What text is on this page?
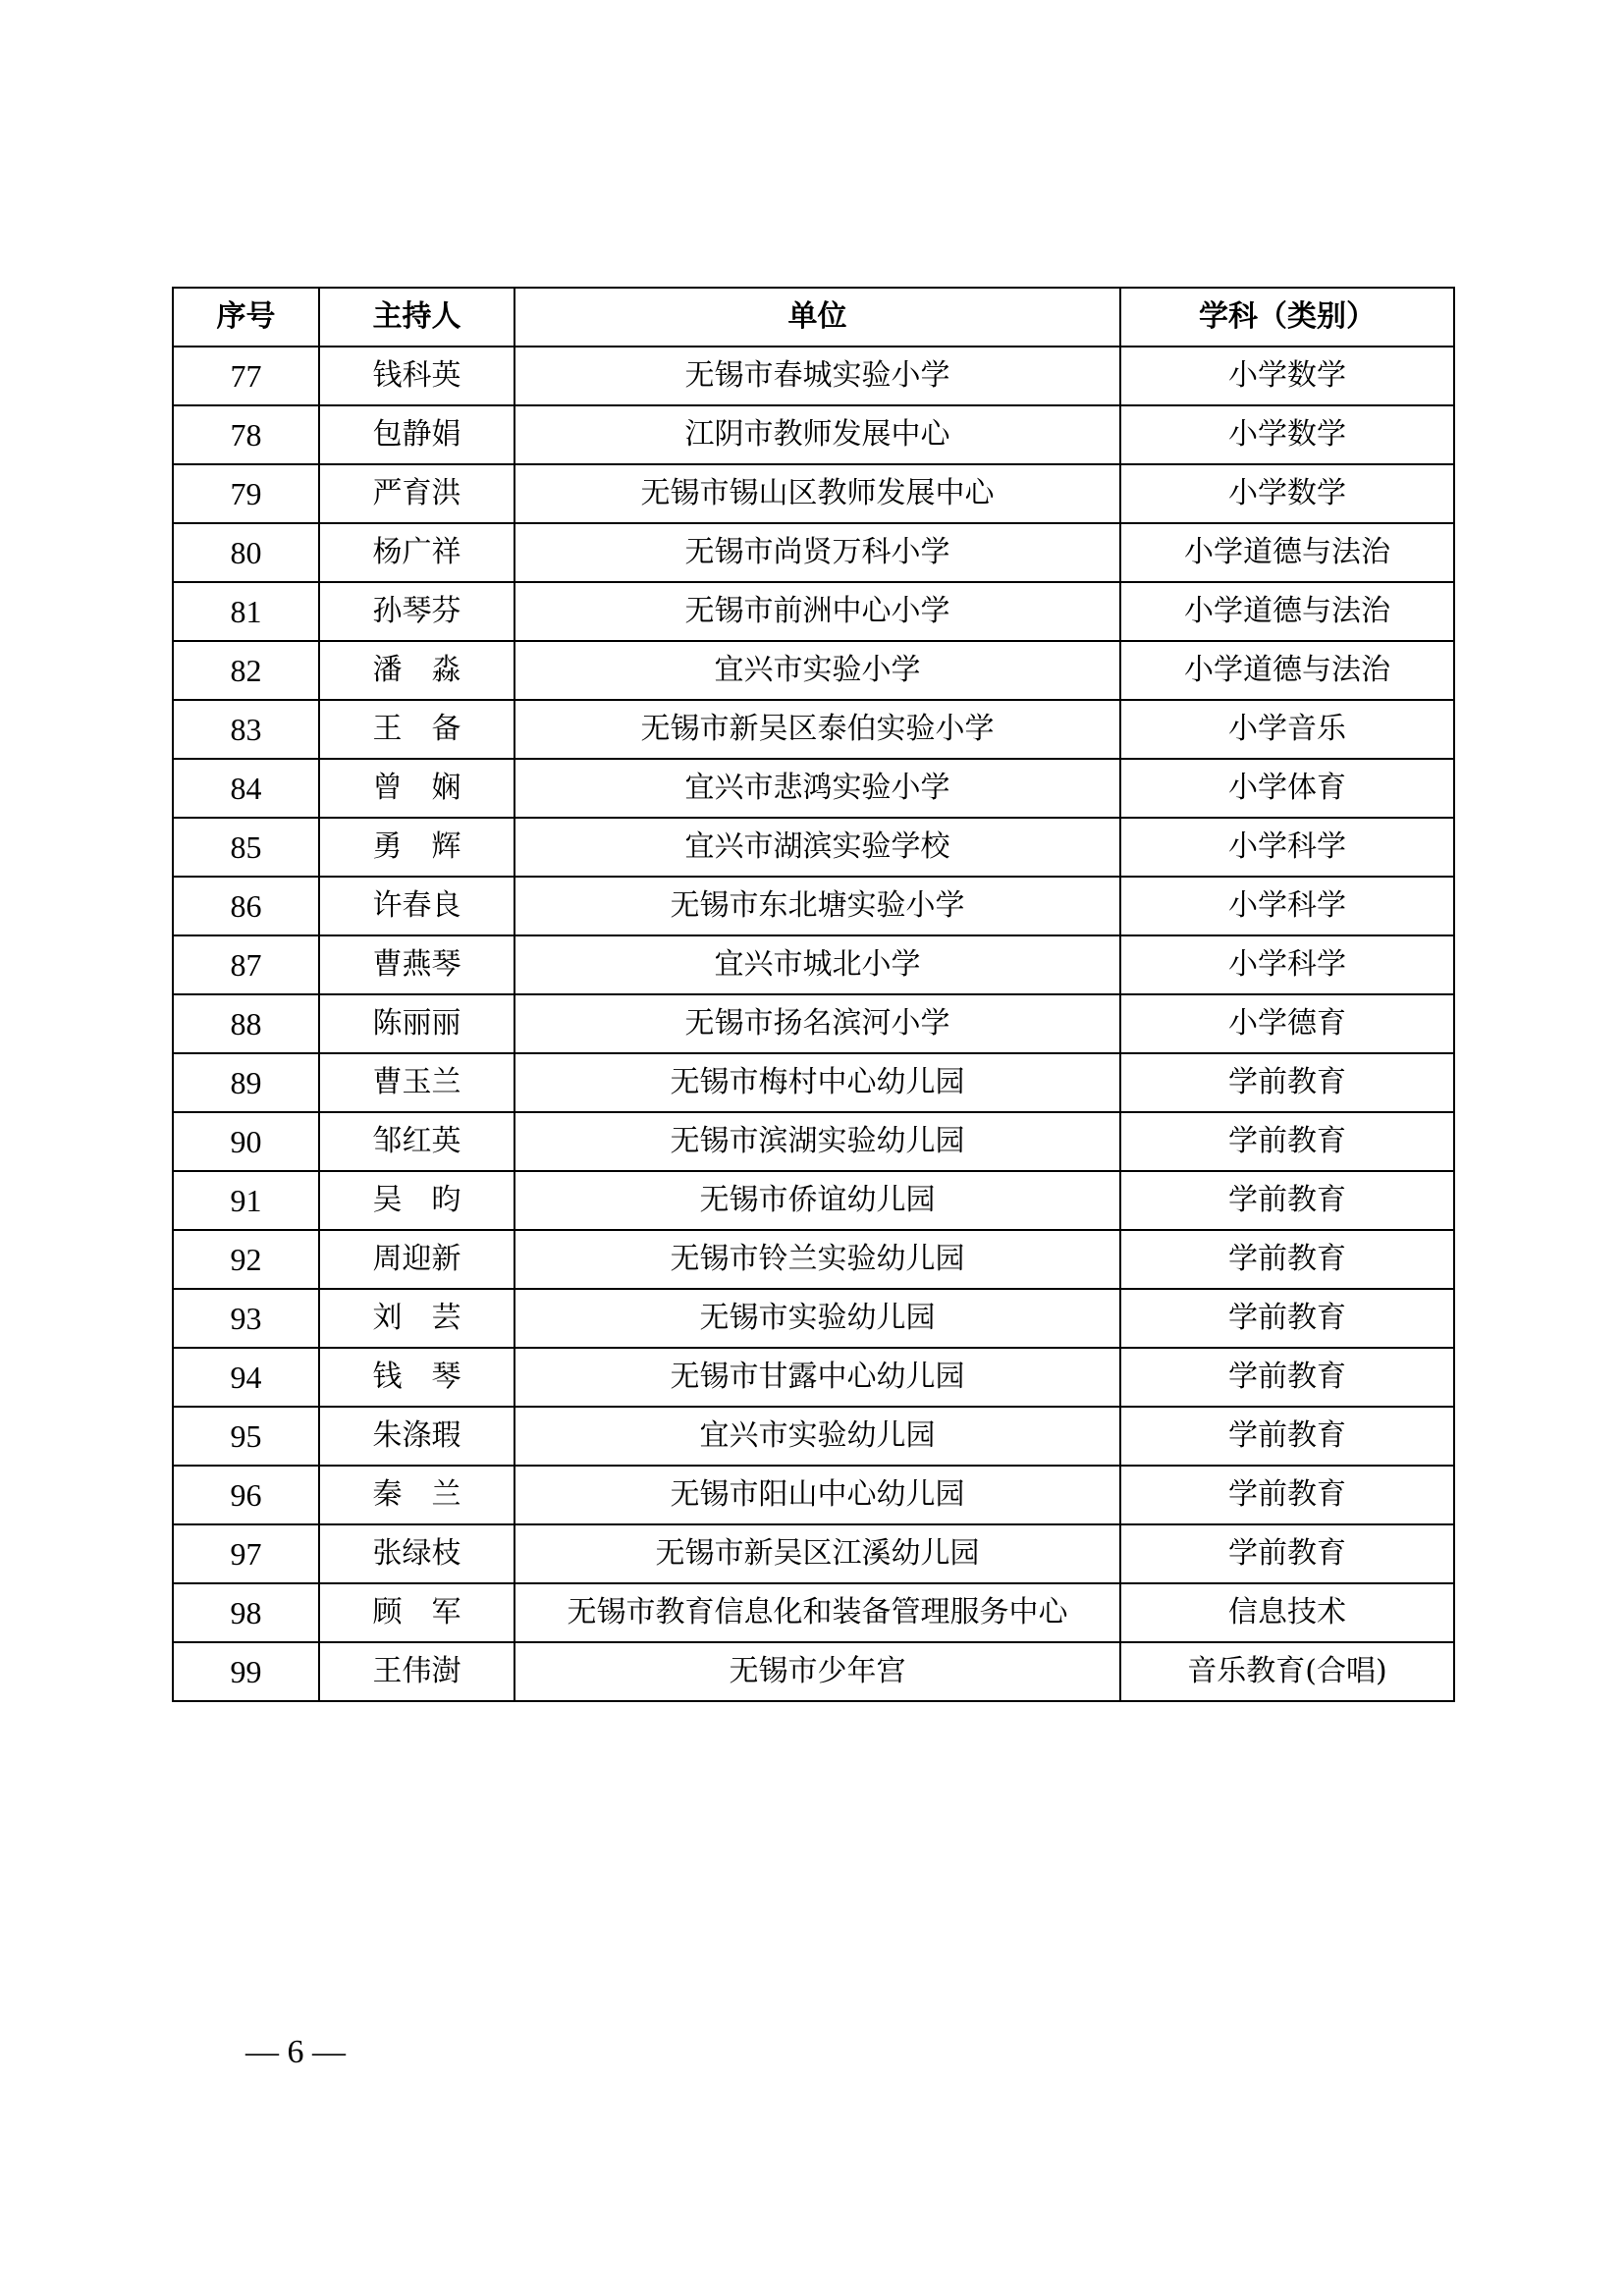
序号	主持人	单位	学科（类别）
77	钱科英	无锡市春城实验小学	小学数学
78	包静娟	江阴市教师发展中心	小学数学
79	严育洪	无锡市锡山区教师发展中心	小学数学
80	杨广祥	无锡市尚贤万科小学	小学道德与法治
81	孙琴芬	无锡市前洲中心小学	小学道德与法治
82	潘　淼	宜兴市实验小学	小学道德与法治
83	王　备	无锡市新吴区泰伯实验小学	小学音乐
84	曾　娴	宜兴市悲鸿实验小学	小学体育
85	勇　辉	宜兴市湖滨实验学校	小学科学
86	许春良	无锡市东北塘实验小学	小学科学
87	曹燕琴	宜兴市城北小学	小学科学
88	陈丽丽	无锡市扬名滨河小学	小学德育
89	曹玉兰	无锡市梅村中心幼儿园	学前教育
90	邹红英	无锡市滨湖实验幼儿园	学前教育
91	吴　昀	无锡市侨谊幼儿园	学前教育
92	周迎新	无锡市铃兰实验幼儿园	学前教育
93	刘　芸	无锡市实验幼儿园	学前教育
94	钱　琴	无锡市甘露中心幼儿园	学前教育
95	朱涤瑕	宜兴市实验幼儿园	学前教育
96	秦　兰	无锡市阳山中心幼儿园	学前教育
97	张绿枝	无锡市新吴区江溪幼儿园	学前教育
98	顾　军	无锡市教育信息化和装备管理服务中心	信息技术
99	王伟澍	无锡市少年宫	音乐教育(合唱)
— 6 —
